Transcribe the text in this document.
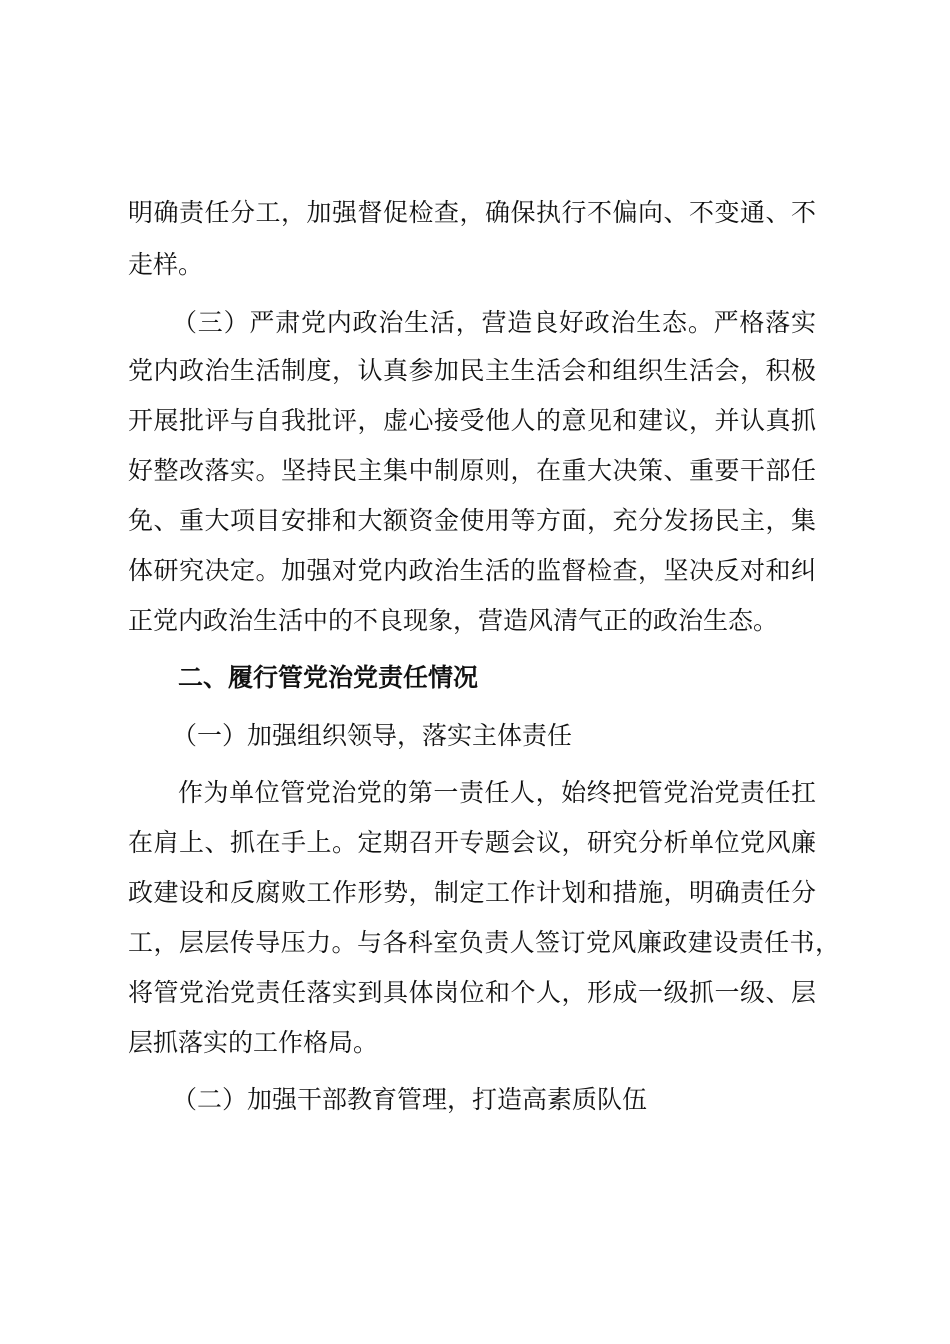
明确责任分工，加强督促检查，确保执行不偏向、不变通、不
走样。
（三）严肃党内政治生活，营造良好政治生态。严格落实
党内政治生活制度，认真参加民主生活会和组织生活会，积极
开展批评与自我批评，虚心接受他人的意见和建议，并认真抓
好整改落实。坚持民主集中制原则，在重大决策、重要干部任
免、重大项目安排和大额资金使用等方面，充分发扬民主，集
体研究决定。加强对党内政治生活的监督检查，坚决反对和纠
正党内政治生活中的不良现象，营造风清气正的政治生态。
二、履行管党治党责任情况
（一）加强组织领导，落实主体责任
作为单位管党治党的第一责任人，始终把管党治党责任扛
在肩上、抓在手上。定期召开专题会议，研究分析单位党风廉
政建设和反腐败工作形势，制定工作计划和措施，明确责任分
工，层层传导压力。与各科室负责人签订党风廉政建设责任书，
将管党治党责任落实到具体岗位和个人，形成一级抓一级、层
层抓落实的工作格局。
（二）加强干部教育管理，打造高素质队伍
